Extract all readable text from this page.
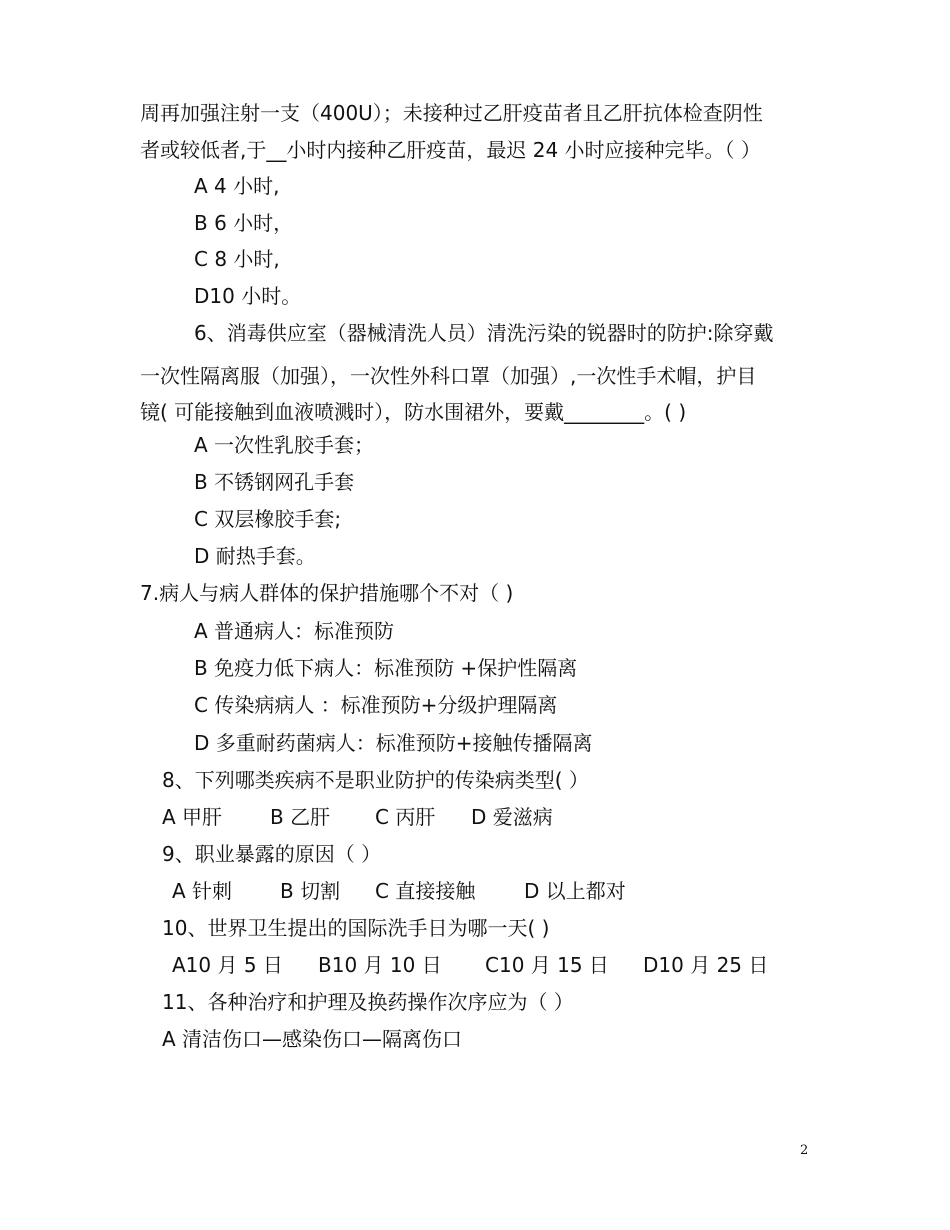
周再加强注射一支（400U）；未接种过乙肝疫苗者且乙肝抗体检查阴性
者或较低者,于__小时内接种乙肝疫苗，最迟 24 小时应接种完毕。（ ）
A 4 小时,
B 6 小时，
C 8 小时,
D10 小时。
6、消毒供应室（器械清洗人员）清洗污染的锐器时的防护:除穿戴
一次性隔离服（加强），一次性外科口罩（加强）,一次性手术帽，护目
镜( 可能接触到血液喷溅时），防水围裙外，要戴________。( )
A 一次性乳胶手套；
B 不锈钢网孔手套
C 双层橡胶手套;
D 耐热手套。
7.病人与病人群体的保护措施哪个不对（ )
A 普通病人：标准预防
B 免疫力低下病人：标准预防 +保护性隔离
C 传染病病人 ：标准预防+分级护理隔离
D 多重耐药菌病人：标准预防+接触传播隔离
8、下列哪类疾病不是职业防护的传染病类型( ）
A 甲肝 B 乙肝 C 丙肝 D 爱滋病
9、职业暴露的原因（ ）
A 针刺 B 切割 C 直接接触 D 以上都对
10、世界卫生提出的国际洗手日为哪一天( )
A10 月 5 日 B10 月 10 日 C10 月 15 日 D10 月 25 日
11、各种治疗和护理及换药操作次序应为（ ）
A 清洁伤口—感染伤口—隔离伤口
2
